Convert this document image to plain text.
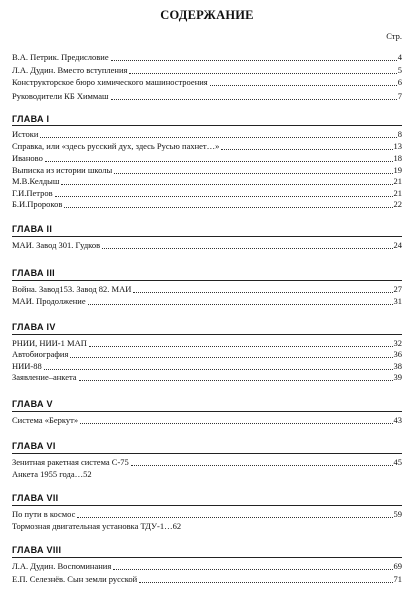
СОДЕРЖАНИЕ
Стр.
В.А. Петрик. Предисловие	4
Л.А. Дудин. Вместо вступления	5
Конструкторское бюро химического машиностроения	6
Руководители КБ Химмаш	7
ГЛАВА I
Истоки	8
Справка, или «здесь русский дух, здесь Русью пахнет…»	13
Иваново	18
Выписка из истории школы	19
М.В.Келдыш	21
Г.И.Петров	21
Б.И.Пророков	22
ГЛАВА II
МАИ. Завод 301. Гудков	24
ГЛАВА III
Война. Завод153. Завод 82. МАИ	27
МАИ. Продолжение	31
ГЛАВА IV
РНИИ, НИИ-1 МАП	32
Автобиография	36
НИИ-88	38
Заявление–анкета	39
ГЛАВА V
Система «Беркут»	43
ГЛАВА VI
Зенитная ракетная система С-75	45
Анкета 1955 года…52
ГЛАВА VII
По пути в космос	59
Тормозная двигательная установка ТДУ-1…62
ГЛАВА VIII
Л.А. Дудин. Воспоминания	69
Е.П. Селезнёв. Сын земли русской	71
